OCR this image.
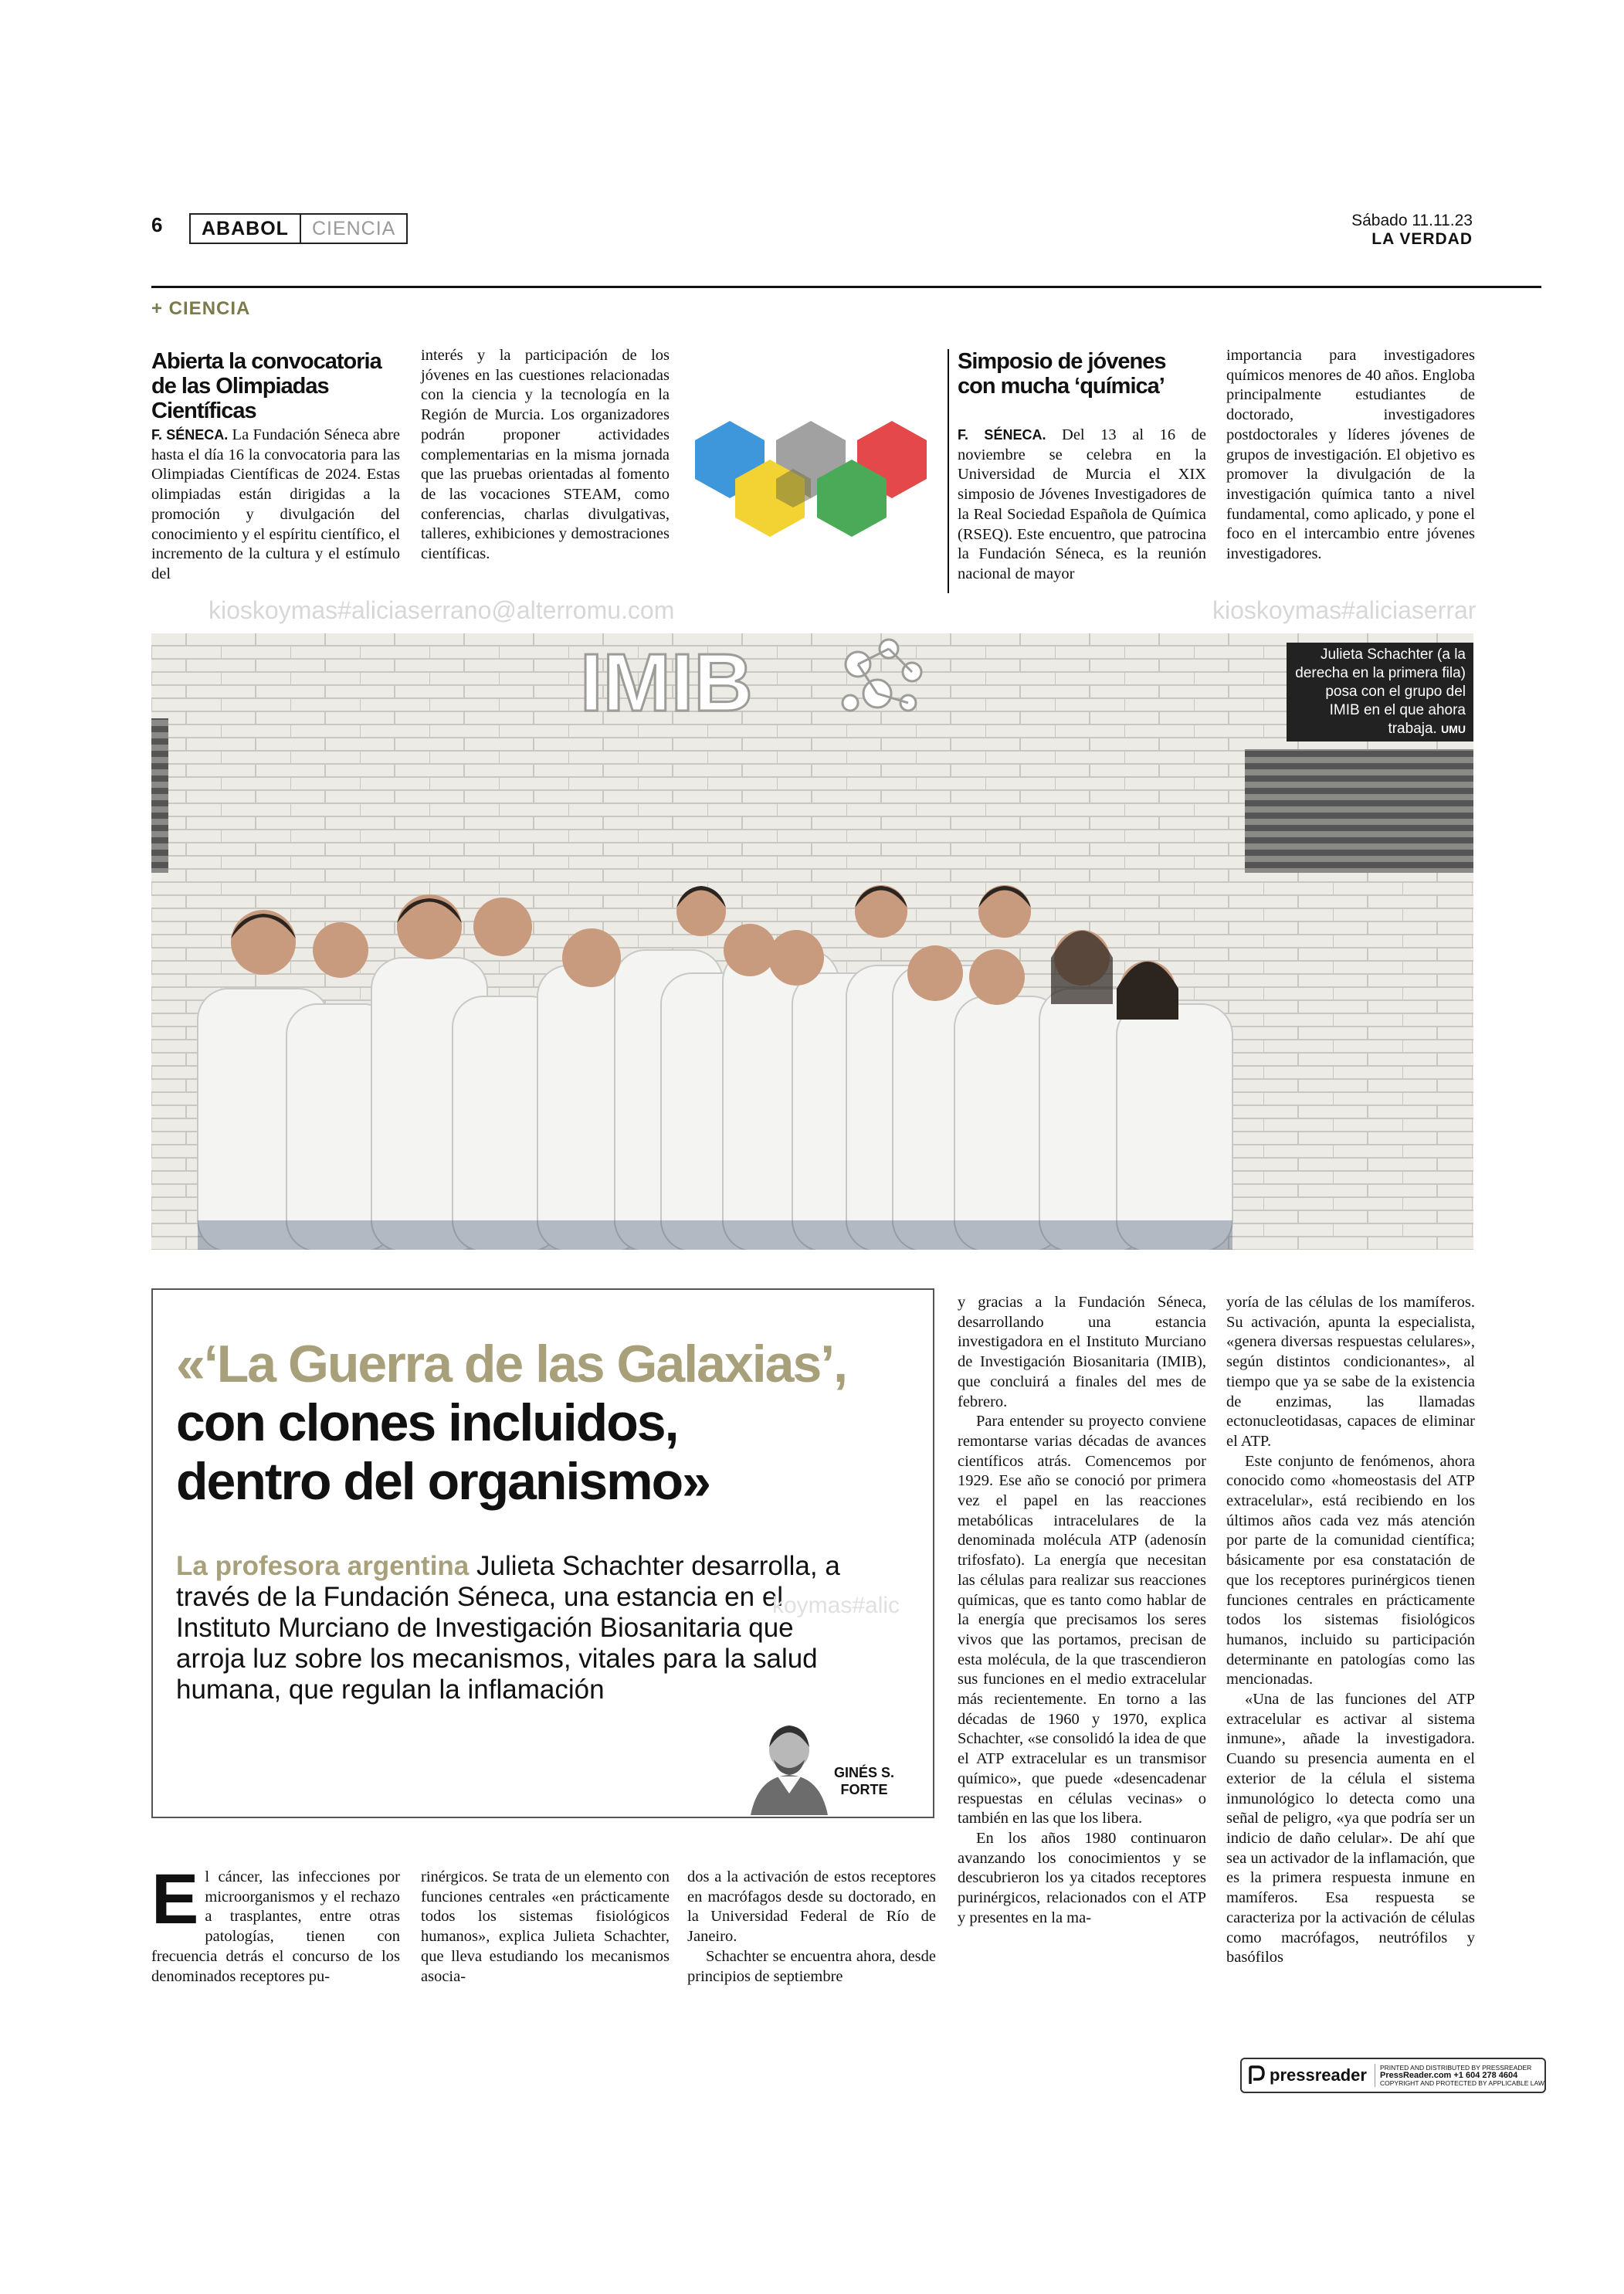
6	ABABOL	CIENCIA	Sábado 11.11.23
LA VERDAD
+ CIENCIA
Abierta la convocatoria de las Olimpiadas Científicas
F. SÉNECA. La Fundación Séneca abre hasta el día 16 la convocatoria para las Olimpiadas Científicas de 2024. Estas olimpiadas están dirigidas a la promoción y divulgación del conocimiento y el espíritu científico, el incremento de la cultura y el estímulo del
interés y la participación de los jóvenes en las cuestiones relacionadas con la ciencia y la tecnología en la Región de Murcia. Los organizadores podrán proponer actividades complementarias en la misma jornada que las pruebas orientadas al fomento de las vocaciones STEAM, como conferencias, charlas divulgativas, talleres, exhibiciones y demostraciones científicas.
Simposio de jóvenes con mucha ‘química’
F. SÉNECA. Del 13 al 16 de noviembre se celebra en la Universidad de Murcia el XIX simposio de Jóvenes Investigadores de la Real Sociedad Española de Química (RSEQ). Este encuentro, que patrocina la Fundación Séneca, es la reunión nacional de mayor
importancia para investigadores químicos menores de 40 años. Engloba principalmente estudiantes de doctorado, investigadores postdoctorales y líderes jóvenes de grupos de investigación. El objetivo es promover la divulgación de la investigación química tanto a nivel fundamental, como aplicado, y pone el foco en el intercambio entre jóvenes investigadores.
kioskoymas#aliciaserrano@alterromu.com	kioskoymas#aliciaserrar
IMIB	Julieta Schachter (a la derecha en la primera fila) posa con el grupo del IMIB en el que ahora trabaja. UMU
«‘La Guerra de las Galaxias’,
con clones incluidos,
dentro del organismo»
La profesora argentina Julieta Schachter desarrolla, a través de la Fundación Séneca, una estancia en el Instituto Murciano de Investigación Biosanitaria que arroja luz sobre los mecanismos, vitales para la salud humana, que regulan la inflamación
koymas#alic
GINÉS S.
FORTE

El cáncer, las infecciones por microorganismos y el rechazo a trasplantes, entre otras patologías, tienen con frecuencia detrás el concurso de los denominados receptores pu-

rinérgicos. Se trata de un elemento con funciones centrales «en prácticamente todos los sistemas fisiológicos humanos», explica Julieta Schachter, que lleva estudiando los mecanismos asocia-

dos a la activación de estos receptores en macrófagos desde su doctorado, en la Universidad Federal de Río de Janeiro.

Schachter se encuentra ahora, desde principios de septiembre

y gracias a la Fundación Séneca, desarrollando una estancia investigadora en el Instituto Murciano de Investigación Biosanitaria (IMIB), que concluirá a finales del mes de febrero.

Para entender su proyecto conviene remontarse varias décadas de avances científicos atrás. Comencemos por 1929. Ese año se conoció por primera vez el papel en las reacciones metabólicas intracelulares de la denominada molécula ATP (adenosín trifosfato). La energía que necesitan las células para realizar sus reacciones químicas, que es tanto como hablar de la energía que precisamos los seres vivos que las portamos, precisan de esta molécula, de la que trascendieron sus funciones en el medio extracelular más recientemente. En torno a las décadas de 1960 y 1970, explica Schachter, «se consolidó la idea de que el ATP extracelular es un transmisor químico», que puede «desencadenar respuestas en células vecinas» o también en las que los libera.

En los años 1980 continuaron avanzando los conocimientos y se descubrieron los ya citados receptores purinérgicos, relacionados con el ATP y presentes en la ma-

yoría de las células de los mamíferos. Su activación, apunta la especialista, «genera diversas respuestas celulares», según distintos condicionantes», al tiempo que ya se sabe de la existencia de enzimas, las llamadas ectonucleotidasas, capaces de eliminar el ATP.

Este conjunto de fenómenos, ahora conocido como «homeostasis del ATP extracelular», está recibiendo en los últimos años cada vez más atención por parte de la comunidad científica; básicamente por esa constatación de que los receptores purinérgicos tienen funciones centrales en prácticamente todos los sistemas fisiológicos humanos, incluido su participación determinante en patologías como las mencionadas.

«Una de las funciones del ATP extracelular es activar al sistema inmune», añade la investigadora. Cuando su presencia aumenta en el exterior de la célula el sistema inmunológico lo detecta como una señal de peligro, «ya que podría ser un indicio de daño celular». De ahí que sea un activador de la inflamación, que es la primera respuesta inmune en mamíferos. Esa respuesta se caracteriza por la activación de células como macrófagos, neutrófilos y basófilos

pressreader PRINTED AND DISTRIBUTED BY PRESSREADER
PressReader.com +1 604 278 4604
COPYRIGHT AND PROTECTED BY APPLICABLE LAW
